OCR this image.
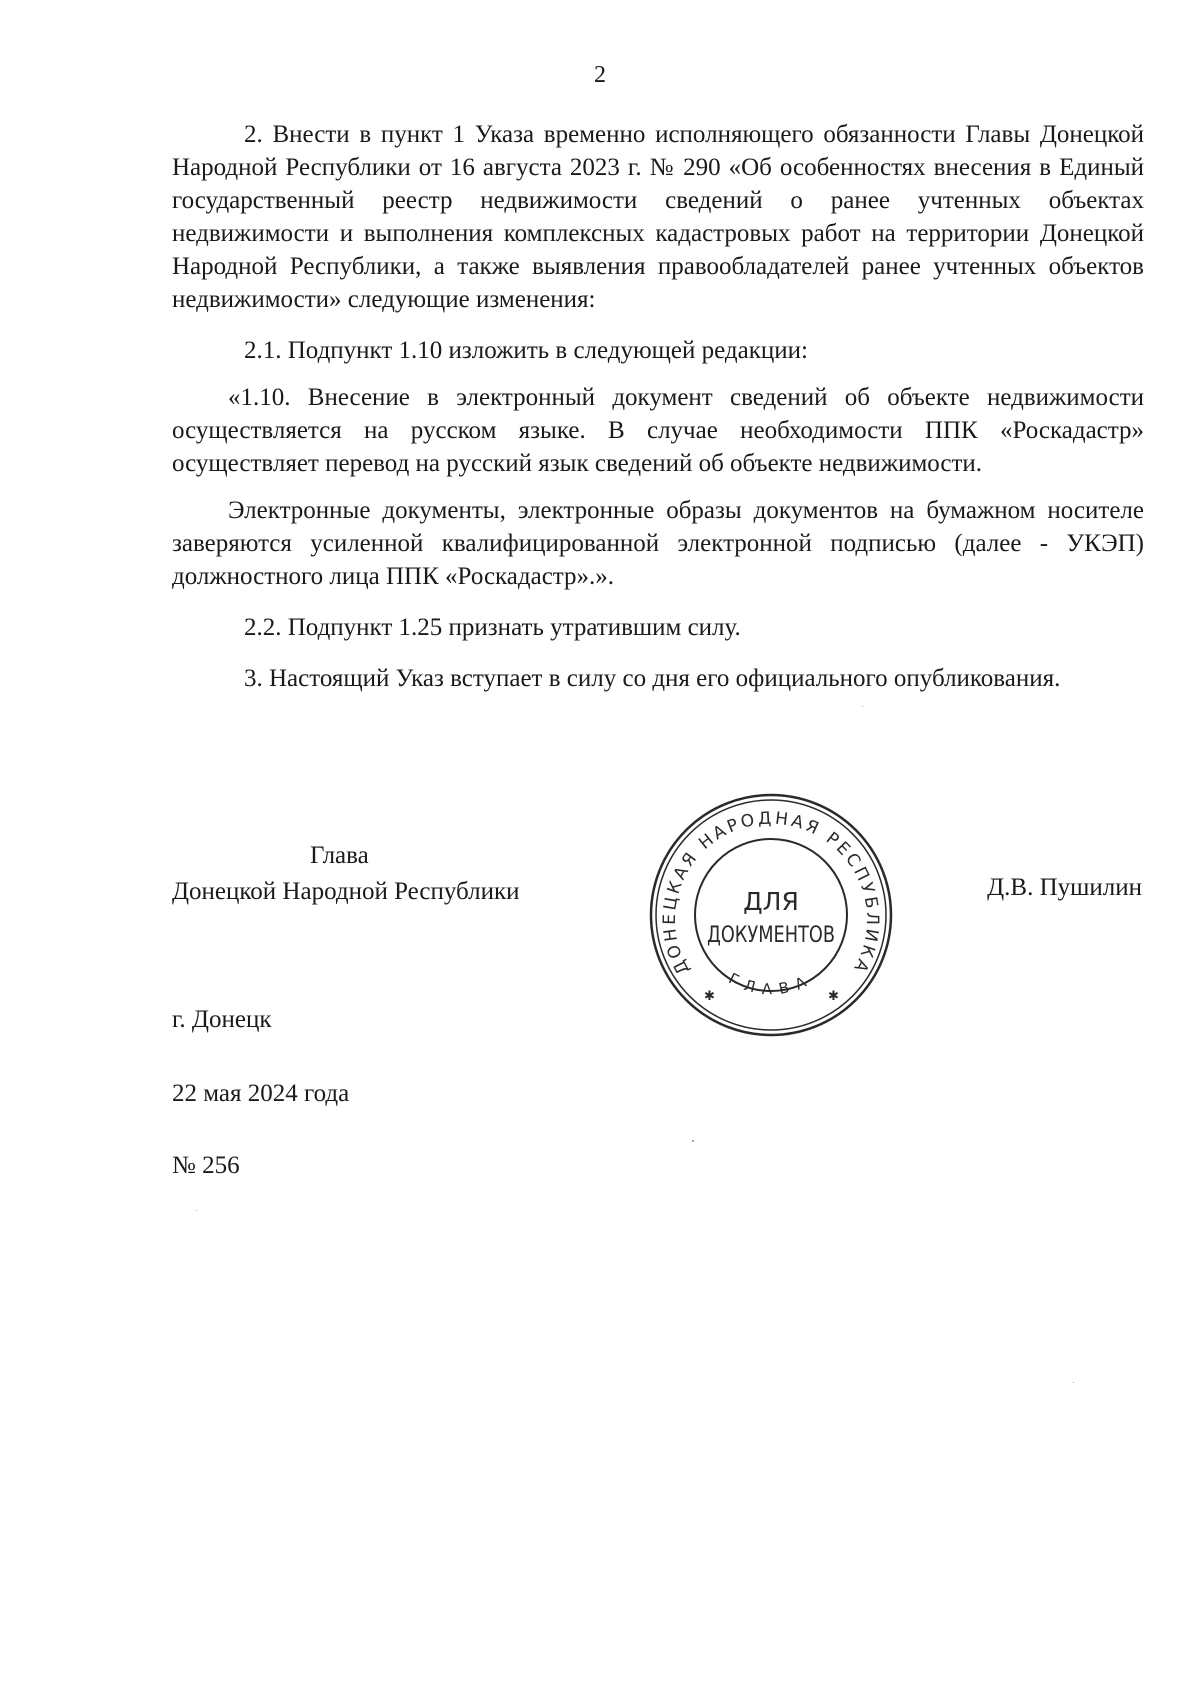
2

2. Внести в пункт 1 Указа временно исполняющего обязанности Главы Донецкой Народной Республики от 16 августа 2023 г. № 290 «Об особенностях внесения в Единый государственный реестр недвижимости сведений о ранее учтенных объектах недвижимости и выполнения комплексных кадастровых работ на территории Донецкой Народной Республики, а также выявления правообладателей ранее учтенных объектов недвижимости» следующие изменения:

2.1. Подпункт 1.10 изложить в следующей редакции:

«1.10. Внесение в электронный документ сведений об объекте недвижимости осуществляется на русском языке. В случае необходимости ППК «Роскадастр» осуществляет перевод на русский язык сведений об объекте недвижимости.

Электронные документы, электронные образы документов на бумажном носителе заверяются усиленной квалифицированной электронной подписью (далее - УКЭП) должностного лица ППК «Роскадастр».».

2.2. Подпункт 1.25 признать утратившим силу.

3. Настоящий Указ вступает в силу со дня его официального опубликования.

Глава
Донецкой Народной Республики
ДОНЕЦКАЯ НАРОДНАЯ РЕСПУБЛИКА
ГЛАВА
✱	✱
ДЛЯ
ДОКУМЕНТОВ
Д.В. Пушилин
г. Донецк
22 мая 2024 года
№ 256
